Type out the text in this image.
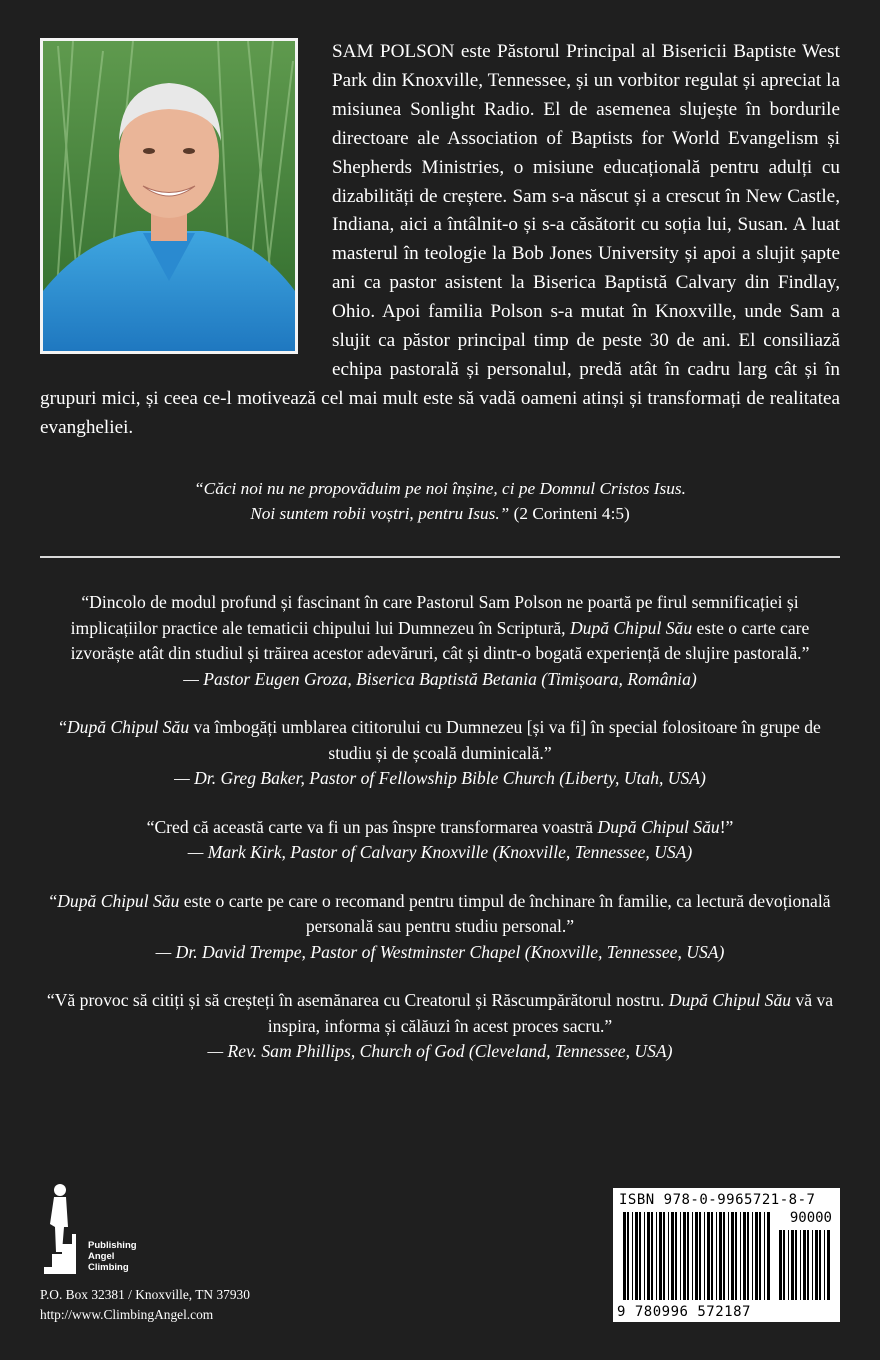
SAM POLSON este Păstorul Principal al Bisericii Baptiste West Park din Knoxville, Tennessee, și un vorbitor regulat și apreciat la misiunea Sonlight Radio. El de asemenea slujește în bordurile directoare ale Association of Baptists for World Evangelism și Shepherds Ministries, o misiune educațională pentru adulți cu dizabilități de creștere. Sam s-a născut și a crescut în New Castle, Indiana, aici a întâlnit-o și s-a căsătorit cu soția lui, Susan. A luat masterul în teologie la Bob Jones University și apoi a slujit șapte ani ca pastor asistent la Biserica Baptistă Calvary din Findlay, Ohio. Apoi familia Polson s-a mutat în Knoxville, unde Sam a slujit ca păstor principal timp de peste 30 de ani. El consiliază echipa pastorală și personalul, predă atât în cadru larg cât și în grupuri mici, și ceea ce-l motivează cel mai mult este să vadă oameni atinși și transformați de realitatea evangheliei.

“Căci noi nu ne propovăduim pe noi înșine, ci pe Domnul Cristos Isus.
Noi suntem robii voștri, pentru Isus.” (2 Corinteni 4:5)

“Dincolo de modul profund și fascinant în care Pastorul Sam Polson ne poartă pe firul semnificației și implicațiilor practice ale tematicii chipului lui Dumnezeu în Scriptură, După Chipul Său este o carte care izvorăște atât din studiul și trăirea acestor adevăruri, cât și dintr-o bogată experiență de slujire pastorală.”
— Pastor Eugen Groza, Biserica Baptistă Betania (Timișoara, România)

“După Chipul Său va îmbogăți umblarea cititorului cu Dumnezeu [și va fi] în special folositoare în grupe de studiu și de școală duminicală.”
— Dr. Greg Baker, Pastor of Fellowship Bible Church (Liberty, Utah, USA)

“Cred că această carte va fi un pas înspre transformarea voastră După Chipul Său!”
— Mark Kirk, Pastor of Calvary Knoxville (Knoxville, Tennessee, USA)

“După Chipul Său este o carte pe care o recomand pentru timpul de închinare în familie, ca lectură devoțională personală sau pentru studiu personal.”
— Dr. David Trempe, Pastor of Westminster Chapel (Knoxville, Tennessee, USA)

“Vă provoc să citiți și să creșteți în asemănarea cu Creatorul și Răscumpărătorul nostru. După Chipul Său vă va inspira, informa și călăuzi în acest proces sacru.”
— Rev. Sam Phillips, Church of God (Cleveland, Tennessee, USA)

Publishing
Angel
Climbing
P.O. Box 32381 / Knoxville, TN 37930
http://www.ClimbingAngel.com
ISBN 978-0-9965721-8-7
90000
9 780996 572187
